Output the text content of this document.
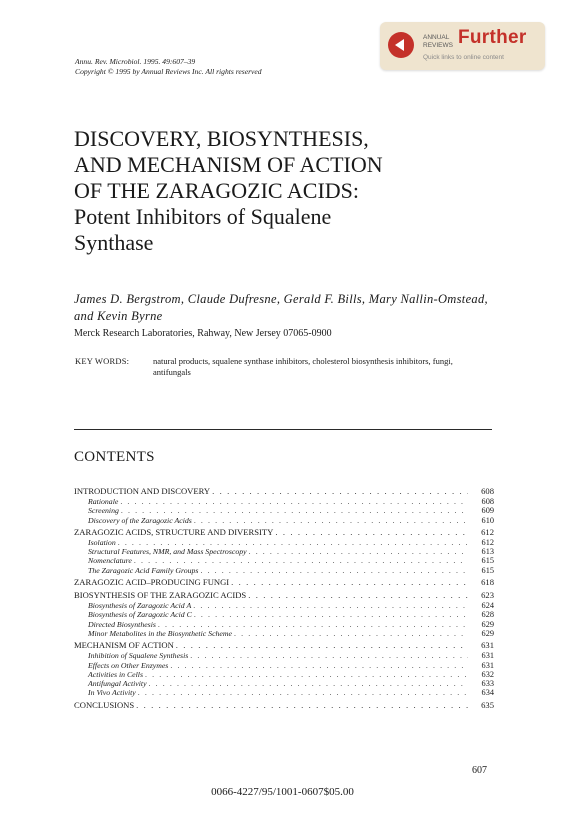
Annu. Rev. Microbiol. 1995. 49:607–39
Copyright © 1995 by Annual Reviews Inc. All rights reserved
ANNUAL
REVIEWS Further
Quick links to online content
DISCOVERY, BIOSYNTHESIS,
AND MECHANISM OF ACTION
OF THE ZARAGOZIC ACIDS:
Potent Inhibitors of Squalene
Synthase
James D. Bergstrom, Claude Dufresne, Gerald F. Bills, Mary Nallin-Omstead, and Kevin Byrne
Merck Research Laboratories, Rahway, New Jersey 07065-0900
KEY WORDS:	natural products, squalene synthase inhibitors, cholesterol biosynthesis inhibitors, fungi, antifungals
CONTENTS
INTRODUCTION AND DISCOVERY . . .	608
Rationale . . .	608
Screening . . .	609
Discovery of the Zaragozic Acids . . .	610
ZARAGOZIC ACIDS, STRUCTURE AND DIVERSITY . . .	612
Isolation . . .	612
Structural Features, NMR, and Mass Spectroscopy . . .	613
Nomenclature . . .	615
The Zaragozic Acid Family Groups . . .	615
ZARAGOZIC ACID–PRODUCING FUNGI . . .	618
BIOSYNTHESIS OF THE ZARAGOZIC ACIDS . . .	623
Biosynthesis of Zaragozic Acid A . . .	624
Biosynthesis of Zaragozic Acid C . . .	628
Directed Biosynthesis . . .	629
Minor Metabolites in the Biosynthetic Scheme . . .	629
MECHANISM OF ACTION . . .	631
Inhibition of Squalene Synthesis . . .	631
Effects on Other Enzymes . . .	631
Activities in Cells . . .	632
Antifungal Activity . . .	633
In Vivo Activity . . .	634
CONCLUSIONS . . .	635
607
0066-4227/95/1001-0607$05.00
